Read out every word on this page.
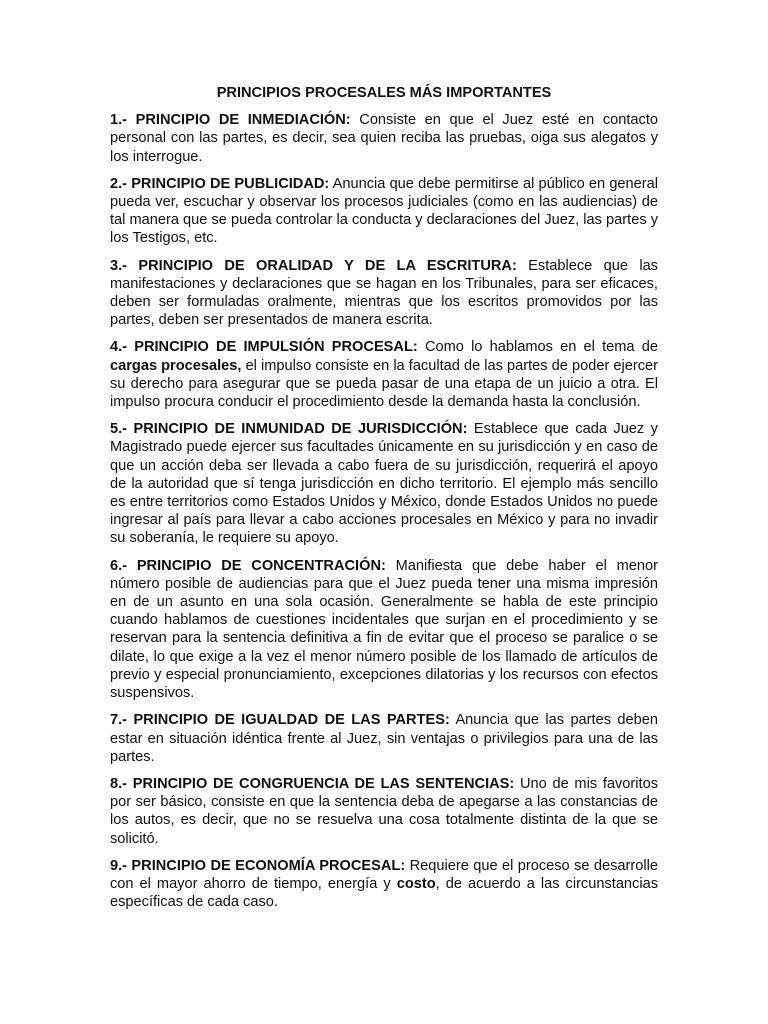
PRINCIPIOS PROCESALES MÁS IMPORTANTES

1.- PRINCIPIO DE INMEDIACIÓN: Consiste en que el Juez esté en contacto personal con las partes, es decir, sea quien reciba las pruebas, oiga sus alegatos y los interrogue.

2.- PRINCIPIO DE PUBLICIDAD: Anuncia que debe permitirse al público en general pueda ver, escuchar y observar los procesos judiciales (como en las audiencias) de tal manera que se pueda controlar la conducta y declaraciones del Juez, las partes y los Testigos, etc.

3.- PRINCIPIO DE ORALIDAD Y DE LA ESCRITURA: Establece que las manifestaciones y declaraciones que se hagan en los Tribunales, para ser eficaces, deben ser formuladas oralmente, mientras que los escritos promovidos por las partes, deben ser presentados de manera escrita.

4.- PRINCIPIO DE IMPULSIÓN PROCESAL: Como lo hablamos en el tema de cargas procesales, el impulso consiste en la facultad de las partes de poder ejercer su derecho para asegurar que se pueda pasar de una etapa de un juicio a otra. El impulso procura conducir el procedimiento desde la demanda hasta la conclusión.

5.- PRINCIPIO DE INMUNIDAD DE JURISDICCIÓN: Establece que cada Juez y Magistrado puede ejercer sus facultades únicamente en su jurisdicción y en caso de que un acción deba ser llevada a cabo fuera de su jurisdicción, requerirá el apoyo de la autoridad que sí tenga jurisdicción en dicho territorio. El ejemplo más sencillo es entre territorios como Estados Unidos y México, donde Estados Unidos no puede ingresar al país para llevar a cabo acciones procesales en México y para no invadir su soberanía, le requiere su apoyo.

6.- PRINCIPIO DE CONCENTRACIÓN: Manifiesta que debe haber el menor número posible de audiencias para que el Juez pueda tener una misma impresión en de un asunto en una sola ocasión. Generalmente se habla de este principio cuando hablamos de cuestiones incidentales que surjan en el procedimiento y se reservan para la sentencia definitiva a fin de evitar que el proceso se paralice o se dilate, lo que exige a la vez el menor número posible de los llamado de artículos de previo y especial pronunciamiento, excepciones dilatorias y los recursos con efectos suspensivos.

7.- PRINCIPIO DE IGUALDAD DE LAS PARTES: Anuncia que las partes deben estar en situación idéntica frente al Juez, sin ventajas o privilegios para una de las partes.

8.- PRINCIPIO DE CONGRUENCIA DE LAS SENTENCIAS: Uno de mis favoritos por ser básico, consiste en que la sentencia deba de apegarse a las constancias de los autos, es decir, que no se resuelva una cosa totalmente distinta de la que se solicitó.

9.- PRINCIPIO DE ECONOMÍA PROCESAL: Requiere que el proceso se desarrolle con el mayor ahorro de tiempo, energía y costo, de acuerdo a las circunstancias específicas de cada caso.
